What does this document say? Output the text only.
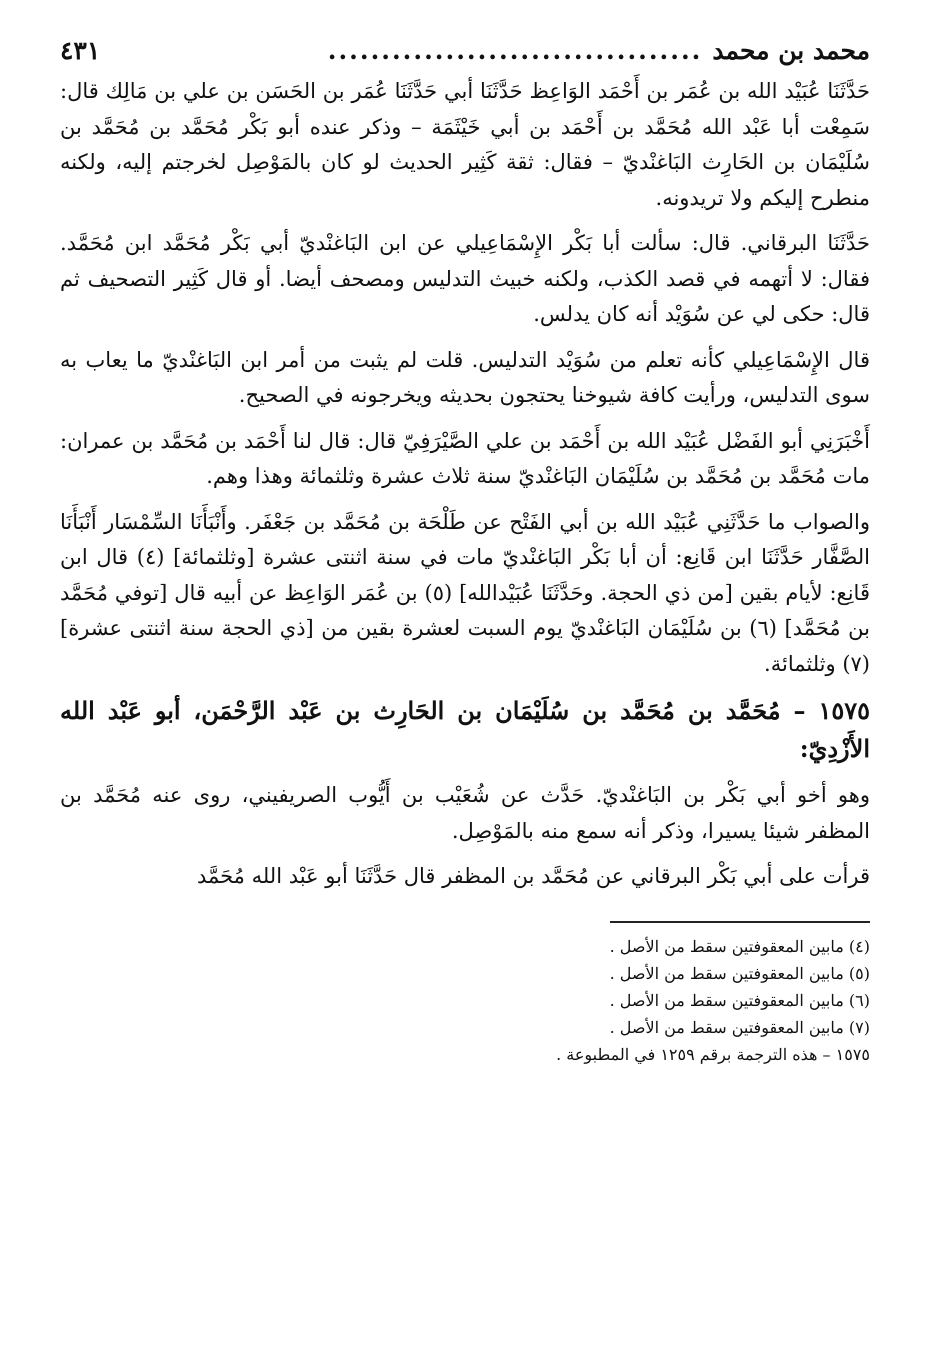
محمد بن محمد
...................................
٤٣١

حَدَّثَنَا عُبَيْد الله بن عُمَر بن أَحْمَد الوَاعِظ حَدَّثَنَا أبي حَدَّثَنَا عُمَر بن الحَسَن بن علي بن مَالِك قال: سَمِعْت أبا عَبْد الله مُحَمَّد بن أَحْمَد بن أبي خَيْثَمَة – وذكر عنده أبو بَكْر مُحَمَّد بن مُحَمَّد بن سُلَيْمَان بن الحَارِث البَاغنْديّ – فقال: ثقة كَثِير الحديث لو كان بالمَوْصِل لخرجتم إليه، ولكنه منطرح إليكم ولا تريدونه.

حَدَّثَنَا البرقاني. قال: سألت أبا بَكْر الإِسْمَاعِيلي عن ابن البَاغنْديّ أبي بَكْر مُحَمَّد ابن مُحَمَّد. فقال: لا أتهمه في قصد الكذب، ولكنه خبيث التدليس ومصحف أيضا. أو قال كَثِير التصحيف ثم قال: حكى لي عن سُوَيْد أنه كان يدلس.

قال الإِسْمَاعِيلي كأنه تعلم من سُوَيْد التدليس. قلت لم يثبت من أمر ابن البَاغنْديّ ما يعاب به سوى التدليس، ورأيت كافة شيوخنا يحتجون بحديثه ويخرجونه في الصحيح.

أَخْبَرَنِي أبو الفَضْل عُبَيْد الله بن أَحْمَد بن علي الصَّيْرَفِيّ قال: قال لنا أَحْمَد بن مُحَمَّد بن عمران: مات مُحَمَّد بن مُحَمَّد بن سُلَيْمَان البَاغنْديّ سنة ثلاث عشرة وثلثمائة وهذا وهم.

والصواب ما حَدَّثَنِي عُبَيْد الله بن أبي الفَتْح عن طَلْحَة بن مُحَمَّد بن جَعْفَر. وأَنْبَأَنَا السِّمْسَار أَنْبَأَنَا الصَّفَّار حَدَّثَنَا ابن قَانِع: أن أبا بَكْر البَاغنْديّ مات في سنة اثنتى عشرة [وثلثمائة] (٤) قال ابن قَانِع: لأيام بقين [من ذي الحجة. وحَدَّثَنَا عُبَيْدالله] (٥) بن عُمَر الوَاعِظ عن أبيه قال [توفي مُحَمَّد بن مُحَمَّد] (٦) بن سُلَيْمَان البَاغنْديّ يوم السبت لعشرة بقين من [ذي الحجة سنة اثنتى عشرة] (٧) وثلثمائة.

١٥٧٥ – مُحَمَّد بن مُحَمَّد بن سُلَيْمَان بن الحَارِث بن عَبْد الرَّحْمَن، أبو عَبْد الله الأَزْدِيّ:

وهو أخو أبي بَكْر بن البَاغنْديّ. حَدَّث عن شُعَيْب بن أَيُّوب الصريفيني، روى عنه مُحَمَّد بن المظفر شيئا يسيرا، وذكر أنه سمع منه بالمَوْصِل.

قرأت على أبي بَكْر البرقاني عن مُحَمَّد بن المظفر قال حَدَّثَنَا أبو عَبْد الله مُحَمَّد

(٤) مابين المعقوفتين سقط من الأصل .
(٥) مابين المعقوفتين سقط من الأصل .
(٦) مابين المعقوفتين سقط من الأصل .
(٧) مابين المعقوفتين سقط من الأصل .
١٥٧٥ – هذه الترجمة برقم ١٢٥٩ في المطبوعة .
